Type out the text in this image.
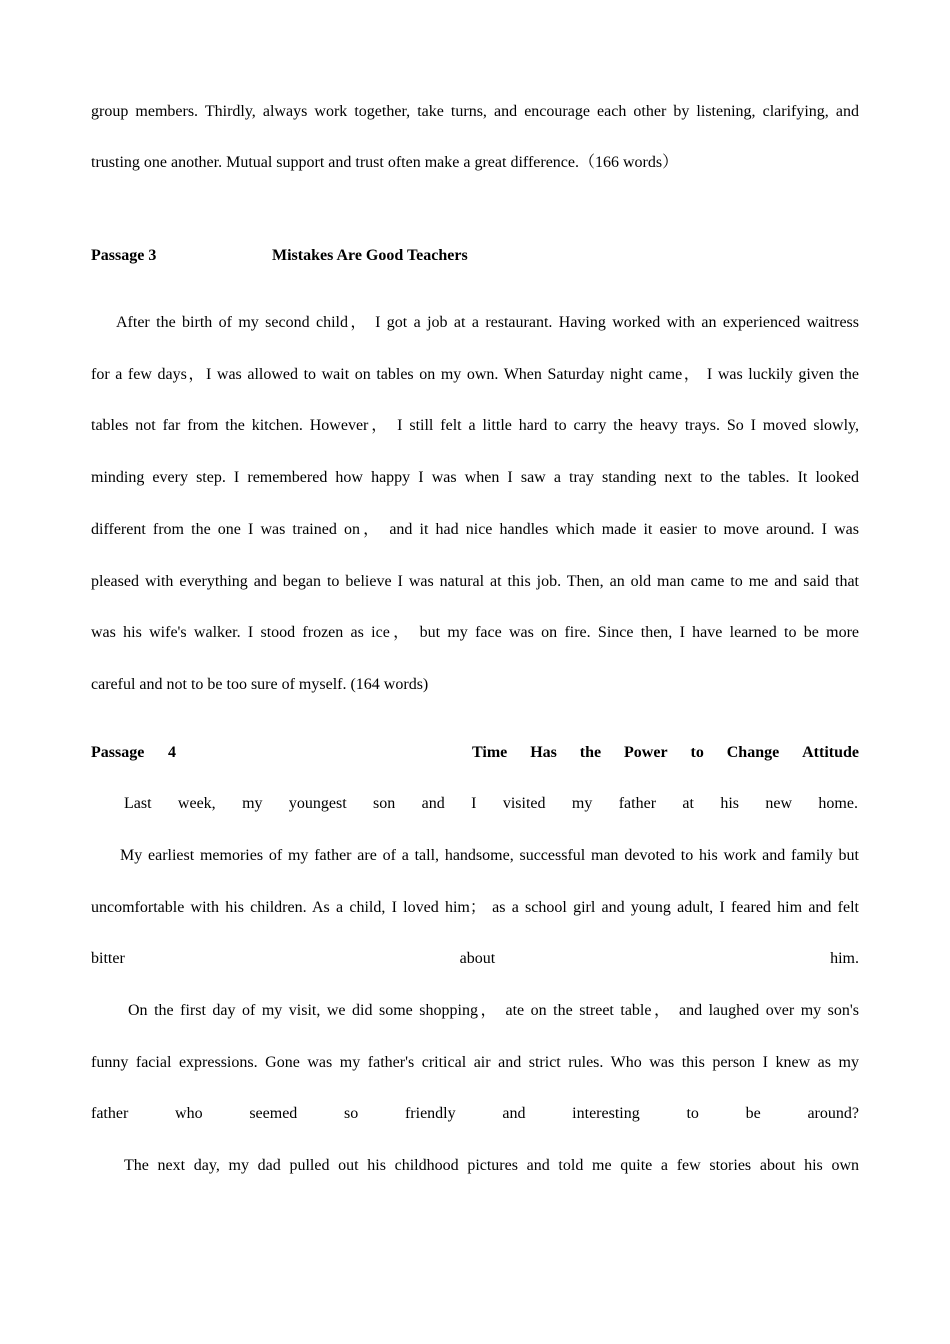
group members. Thirdly, always work together, take turns, and encourage each other by listening, clarifying, and
trusting one another. Mutual support and trust often make a great difference.（166 words）
Passage 3	Mistakes Are Good Teachers
After the birth of my second child， I got a job at a restaurant. Having worked with an experienced waitress
for a few days，I was allowed to wait on tables on my own. When Saturday night came， I was luckily given the
tables not far from the kitchen. However， I still felt a little hard to carry the heavy trays. So I moved slowly,
minding every step. I remembered how happy I was when I saw a tray standing next to the tables. It looked
different from the one I was trained on， and it had nice handles which made it easier to move around. I was
pleased with everything and began to believe I was natural at this job. Then, an old man came to me and said that
was his wife's walker. I stood frozen as ice， but my face was on fire. Since then, I have learned to be more
careful and not to be too sure of myself. (164 words)
Passage 4	Time Has the Power to Change Attitude
Last week, my youngest son and I visited my father at his new home.
My earliest memories of my father are of a tall, handsome, successful man devoted to his work and family but
uncomfortable with his children. As a child, I loved him； as a school girl and young adult, I feared him and felt
bitter	about	him.
On the first day of my visit, we did some shopping， ate on the street table， and laughed over my son's
funny facial expressions. Gone was my father's critical air and strict rules. Who was this person I knew as my
father	who	seemed	so	friendly	and	interesting	to	be	around?
The next day, my dad pulled out his childhood pictures and told me quite a few stories about his own
